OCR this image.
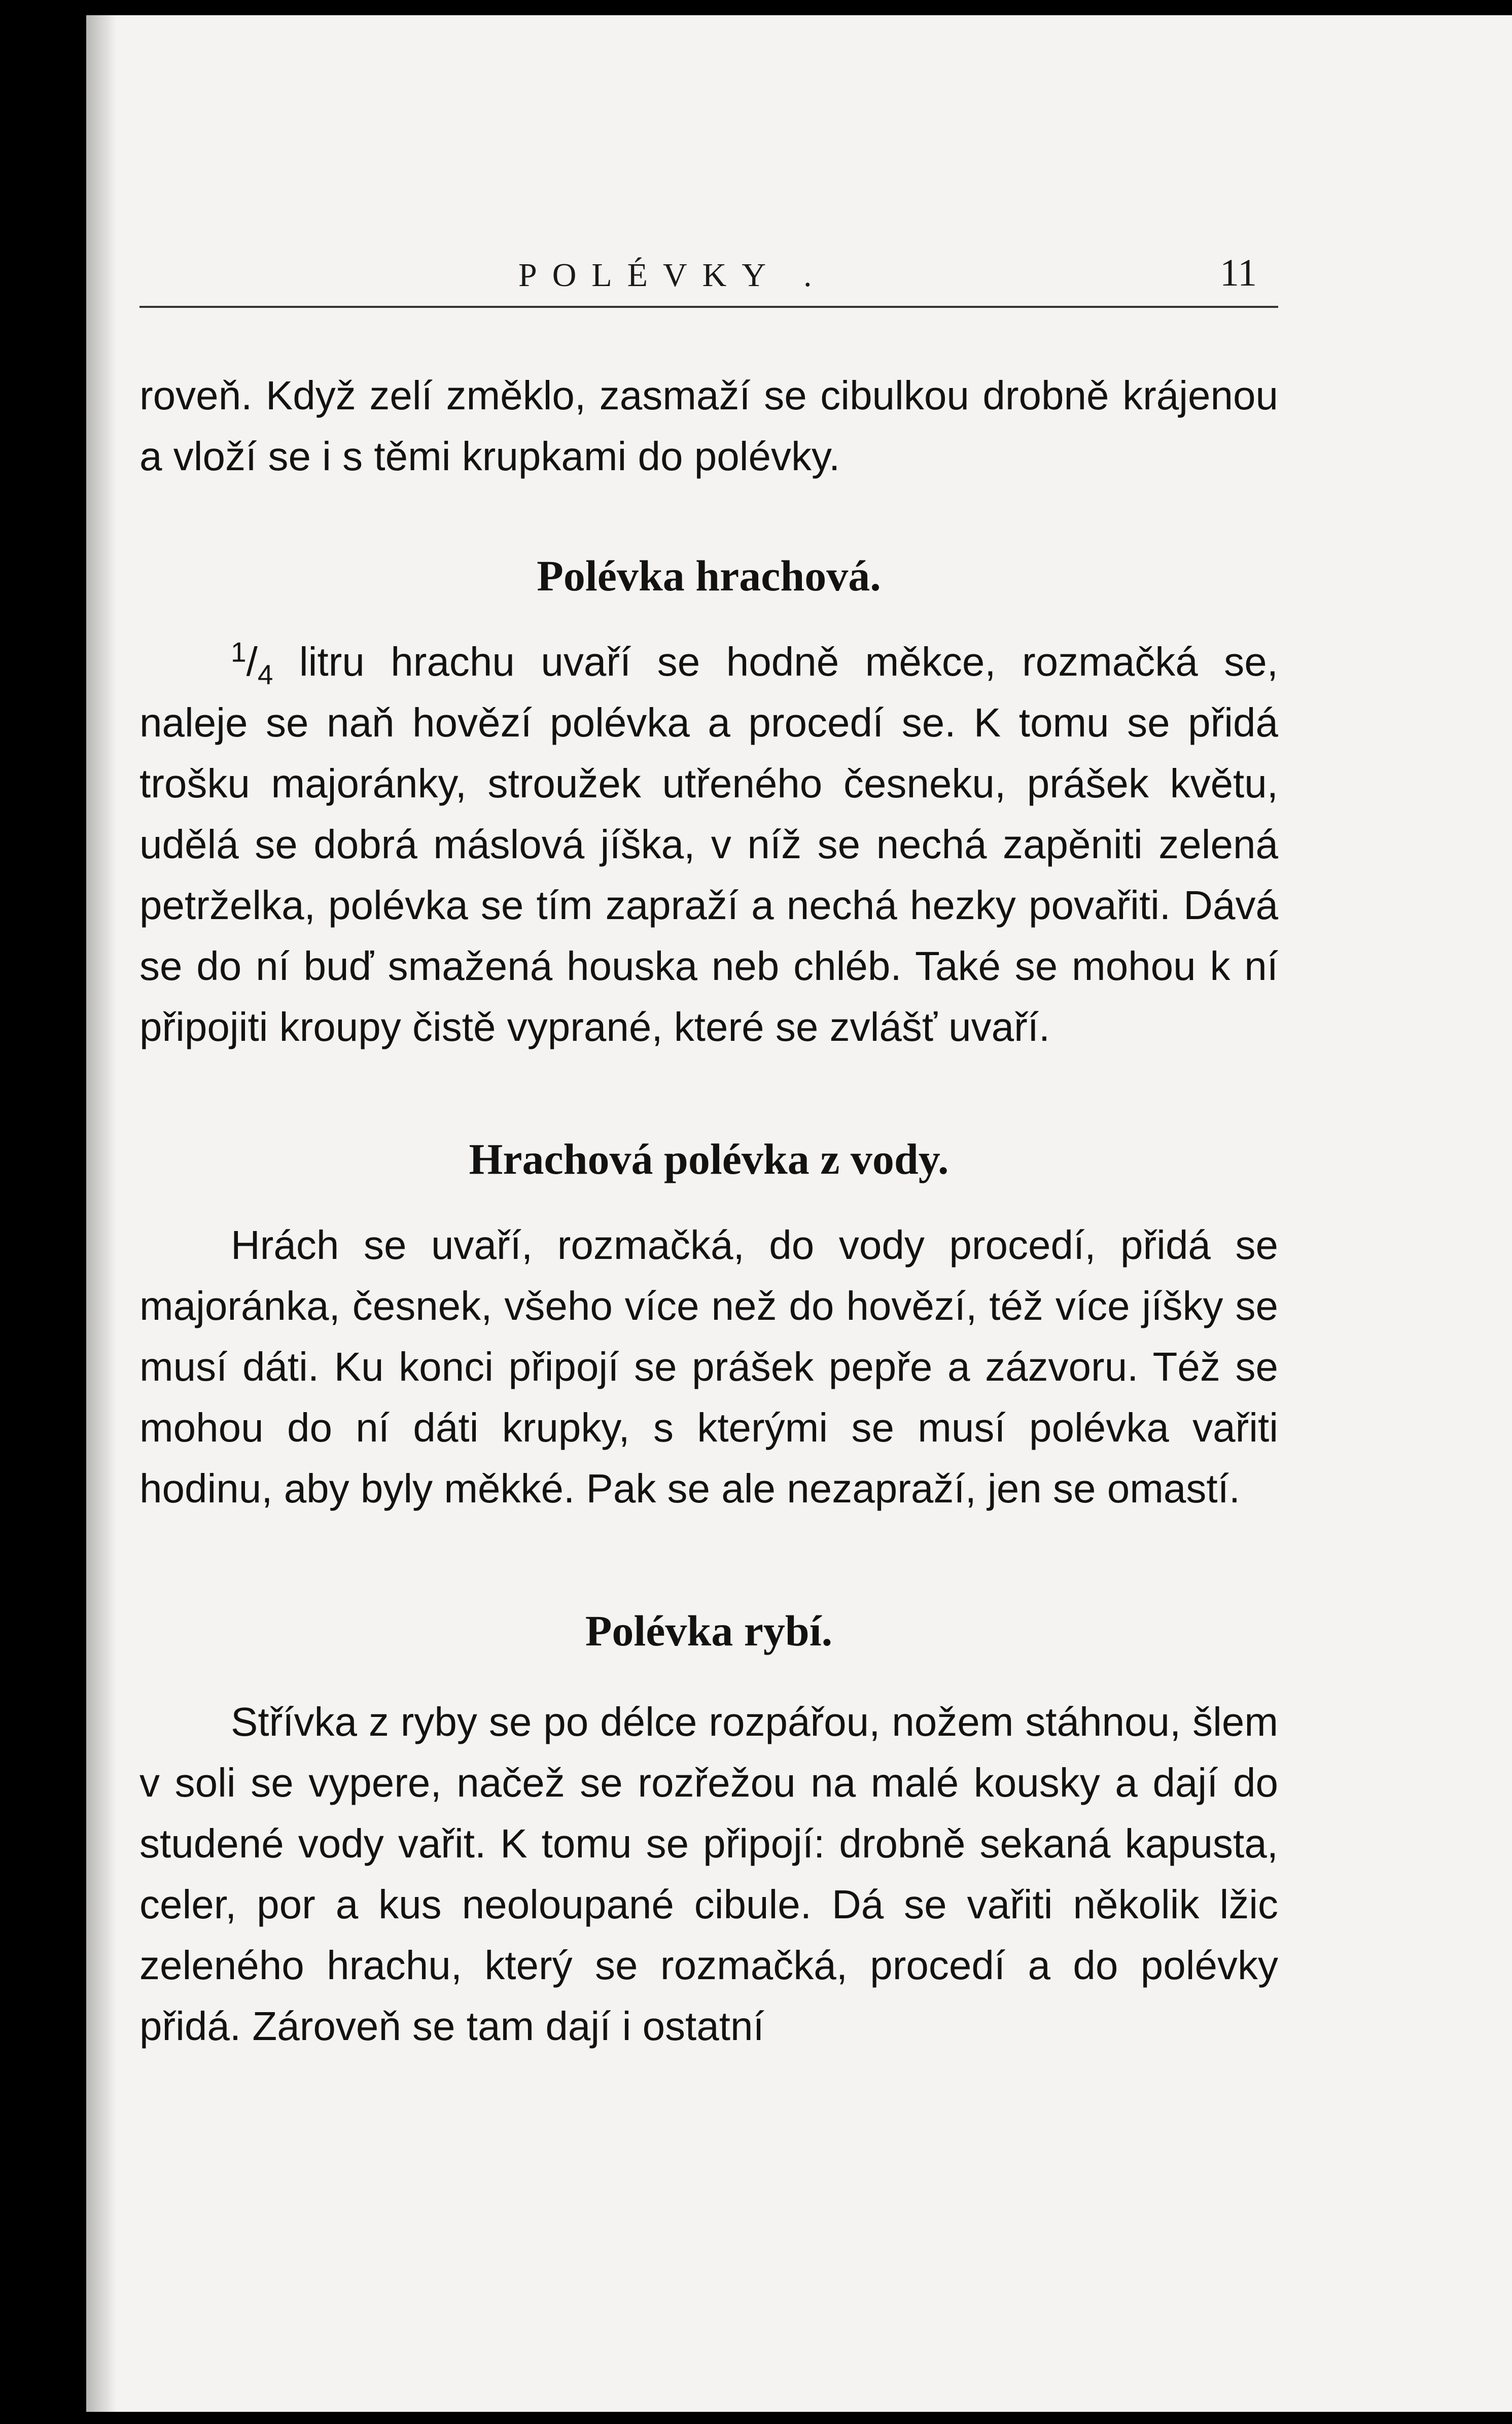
POLÉVKY .	11

roveň. Když zelí změklo, zasmaží se cibulkou drobně krájenou a vloží se i s těmi krupkami do polévky.

Polévka hrachová.

$^1/_4$ litru hrachu uvaří se hodně měkce, rozmačká se, naleje se naň hovězí polévka a procedí se. K tomu se přidá trošku majoránky, stroužek utřeného česneku, prášek květu, udělá se dobrá máslová jíška, v níž se nechá zapěniti zelená petrželka, polévka se tím zapraží a nechá hezky povařiti. Dává se do ní buď smažená houska neb chléb. Také se mohou k ní připojiti kroupy čistě vyprané, které se zvlášť uvaří.

Hrachová polévka z vody.

Hrách se uvaří, rozmačká, do vody procedí, přidá se majoránka, česnek, všeho více než do hovězí, též více jíšky se musí dáti. Ku konci připojí se prášek pepře a zázvoru. Též se mohou do ní dáti krupky, s kterými se musí polévka vařiti hodinu, aby byly měkké. Pak se ale nezapraží, jen se omastí.

Polévka rybí.

Střívka z ryby se po délce rozpářou, nožem stáhnou, šlem v soli se vypere, načež se rozřežou na malé kousky a dají do studené vody vařit. K tomu se připojí: drobně sekaná kapusta, celer, por a kus neoloupané cibule. Dá se vařiti několik lžic zeleného hrachu, který se rozmačká, procedí a do polévky přidá. Zároveň se tam dají i ostatní
